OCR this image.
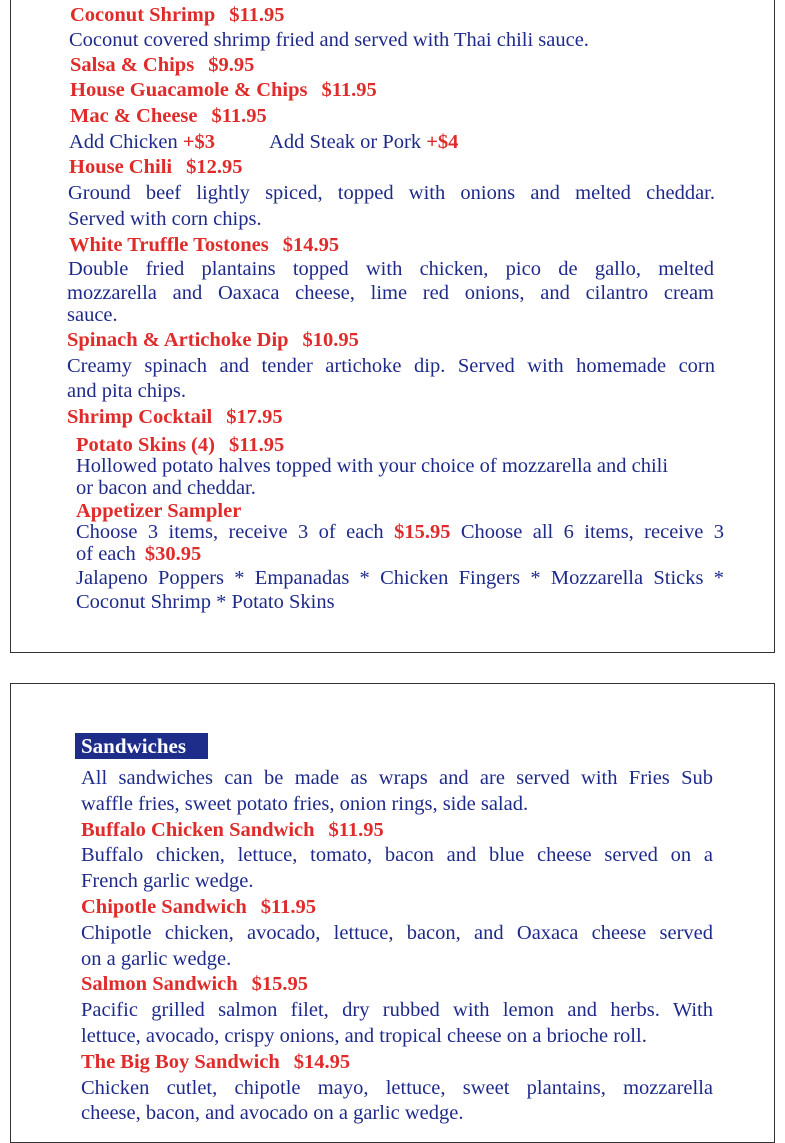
Coconut Shrimp $11.95
Coconut covered shrimp fried and served with Thai chili sauce.
Salsa & Chips $9.95
House Guacamole & Chips $11.95
Mac & Cheese $11.95
Add Chicken +$3	Add Steak or Pork +$4
House Chili $12.95
Ground beef lightly spiced, topped with onions and melted cheddar.
Served with corn chips.
White Truffle Tostones $14.95
Double fried plantains topped with chicken, pico de gallo, melted
mozzarella and Oaxaca cheese, lime red onions, and cilantro cream
sauce.
Spinach & Artichoke Dip $10.95
Creamy spinach and tender artichoke dip. Served with homemade corn
and pita chips.
Shrimp Cocktail $17.95
Potato Skins (4) $11.95
Hollowed potato halves topped with your choice of mozzarella and chili
or bacon and cheddar.
Appetizer Sampler
Choose 3 items, receive 3 of each $15.95 Choose all 6 items, receive 3
of each $30.95
Jalapeno Poppers * Empanadas * Chicken Fingers * Mozzarella Sticks *
Coconut Shrimp * Potato Skins
Sandwiches
All sandwiches can be made as wraps and are served with Fries Sub
waffle fries, sweet potato fries, onion rings, side salad.
Buffalo Chicken Sandwich $11.95
Buffalo chicken, lettuce, tomato, bacon and blue cheese served on a
French garlic wedge.
Chipotle Sandwich $11.95
Chipotle chicken, avocado, lettuce, bacon, and Oaxaca cheese served
on a garlic wedge.
Salmon Sandwich $15.95
Pacific grilled salmon filet, dry rubbed with lemon and herbs. With
lettuce, avocado, crispy onions, and tropical cheese on a brioche roll.
The Big Boy Sandwich $14.95
Chicken cutlet, chipotle mayo, lettuce, sweet plantains, mozzarella
cheese, bacon, and avocado on a garlic wedge.
